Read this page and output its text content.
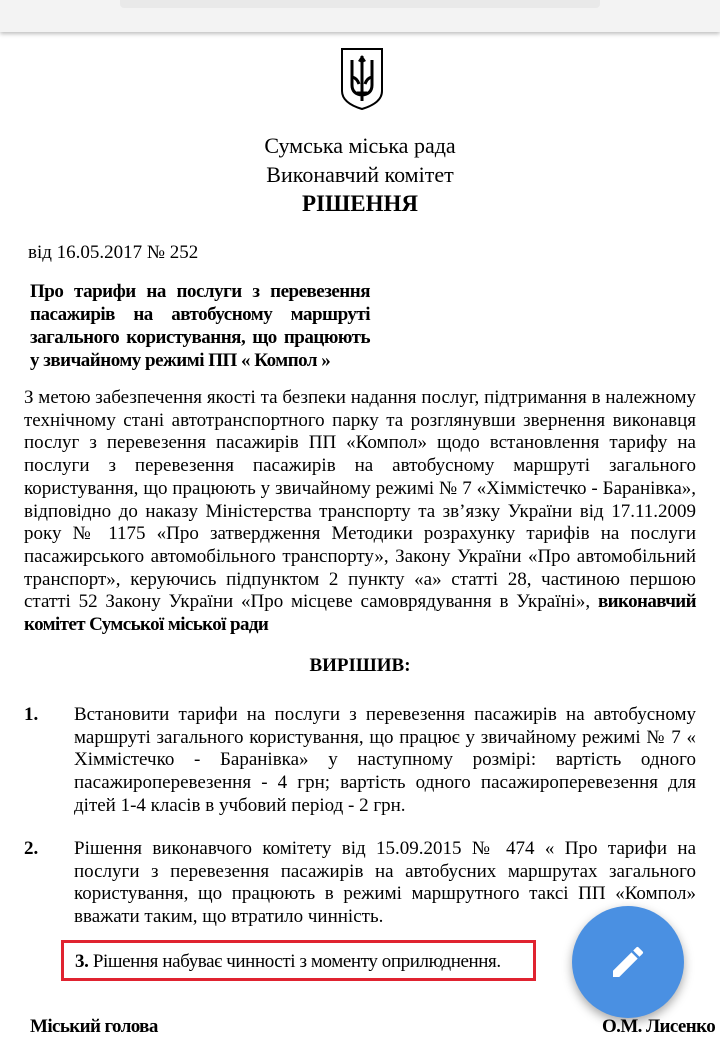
Сумська міська рада
Виконавчий комітет
РІШЕННЯ
від 16.05.2017 № 252
Про тарифи на послуги з перевезення пасажирів на автобусному маршруті загального користування, що працюють у звичайному режимі ПП « Компол »
З метою забезпечення якості та безпеки надання послуг, підтримання в належному технічному стані автотранспортного парку та розглянувши звернення виконавця послуг з перевезення пасажирів ПП «Компол» щодо встановлення тарифу на послуги з перевезення пасажирів на автобусному маршруті загального користування, що працюють у звичайному режимі № 7 «Хіммістечко - Баранівка», відповідно до наказу Міністерства транспорту та зв’язку України від 17.11.2009 року № 1175 «Про затвердження Методики розрахунку тарифів на послуги пасажирського автомобільного транспорту», Закону України «Про автомобільний транспорт», керуючись підпунктом 2 пункту «а» статті 28, частиною першою статті 52 Закону України «Про місцеве самоврядування в Україні», виконавчий комітет Сумської міської ради
ВИРІШИВ:
1. Встановити тарифи на послуги з перевезення пасажирів на автобусному маршруті загального користування, що працює у звичайному режимі № 7 « Хіммістечко - Баранівка» у наступному розмірі: вартість одного пасажироперевезення - 4 грн; вартість одного пасажироперевезення для дітей 1-4 класів в учбовий період - 2 грн.
2. Рішення виконавчого комітету від 15.09.2015 № 474 « Про тарифи на послуги з перевезення пасажирів на автобусних маршрутах загального користування, що працюють в режимі маршрутного таксі ПП «Компол» вважати таким, що втратило чинність.
3. Рішення набуває чинності з моменту оприлюднення.
Міський голова	О.М. Лисенко
